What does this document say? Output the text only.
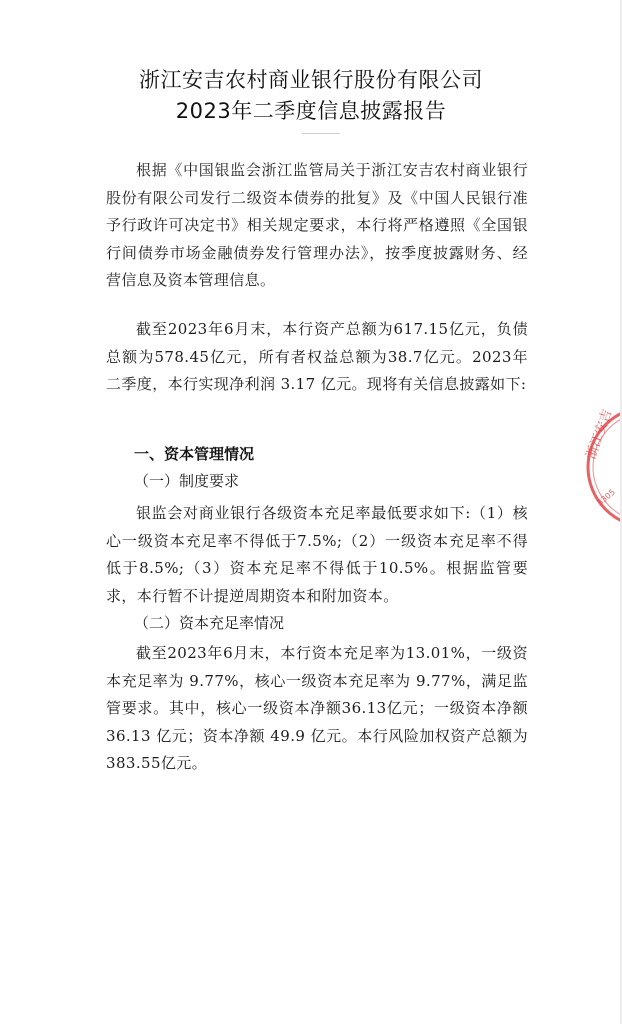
浙江安吉农村商业银行股份有限公司
2023年二季度信息披露报告
根据《中国银监会浙江监管局关于浙江安吉农村商业银行股份有限公司发行二级资本债券的批复》及《中国人民银行准予行政许可决定书》相关规定要求，本行将严格遵照《全国银行间债券市场金融债券发行管理办法》，按季度披露财务、经营信息及资本管理信息。
截至2023年6月末，本行资产总额为617.15亿元，负债总额为578.45亿元，所有者权益总额为38.7亿元。2023年二季度，本行实现净利润 3.17 亿元。现将有关信息披露如下:
一、资本管理情况
（一）制度要求
银监会对商业银行各级资本充足率最低要求如下:（1）核心一级资本充足率不得低于7.5%;（2）一级资本充足率不得低于8.5%;（3）资本充足率不得低于10.5%。根据监管要求，本行暂不计提逆周期资本和附加资本。
（二）资本充足率情况
截至2023年6月末，本行资本充足率为13.01%，一级资本充足率为 9.77%，核心一级资本充足率为 9.77%，满足监管要求。其中，核心一级资本净额36.13亿元；一级资本净额 36.13 亿元；资本净额 49.9 亿元。本行风险加权资产总额为383.55亿元。
浙江安吉
3305
